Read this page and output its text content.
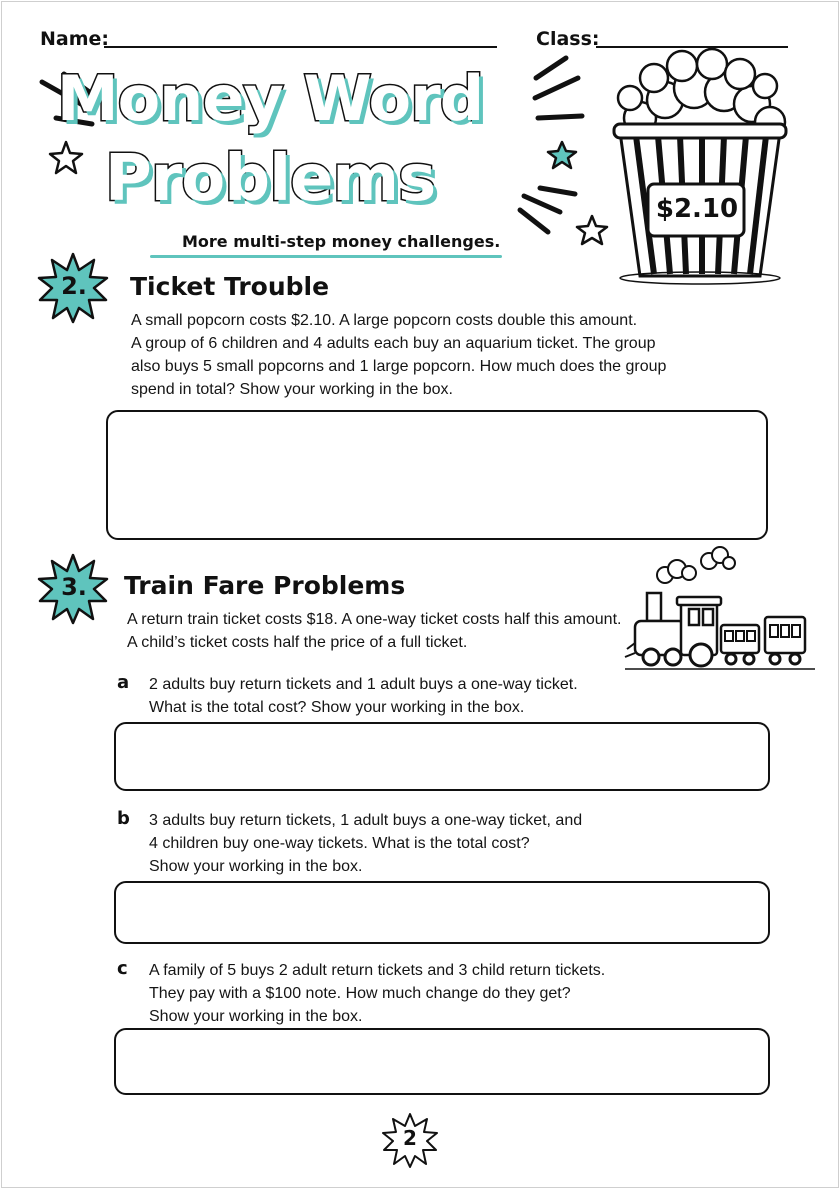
Name:	Class:
Money Word
Problems
More multi-step money challenges.
$2.10
2.	Ticket Trouble
A small popcorn costs $2.10. A large popcorn costs double this amount.
A group of 6 children and 4 adults each buy an aquarium ticket. The group
also buys 5 small popcorns and 1 large popcorn. How much does the group
spend in total? Show your working in the box.
3.	Train Fare Problems
A return train ticket costs $18. A one-way ticket costs half this amount.
A child’s ticket costs half the price of a full ticket.
a 2 adults buy return tickets and 1 adult buys a one-way ticket.
What is the total cost? Show your working in the box.
b 3 adults buy return tickets, 1 adult buys a one-way ticket, and
4 children buy one-way tickets. What is the total cost?
Show your working in the box.
c A family of 5 buys 2 adult return tickets and 3 child return tickets.
They pay with a $100 note. How much change do they get?
Show your working in the box.
2
